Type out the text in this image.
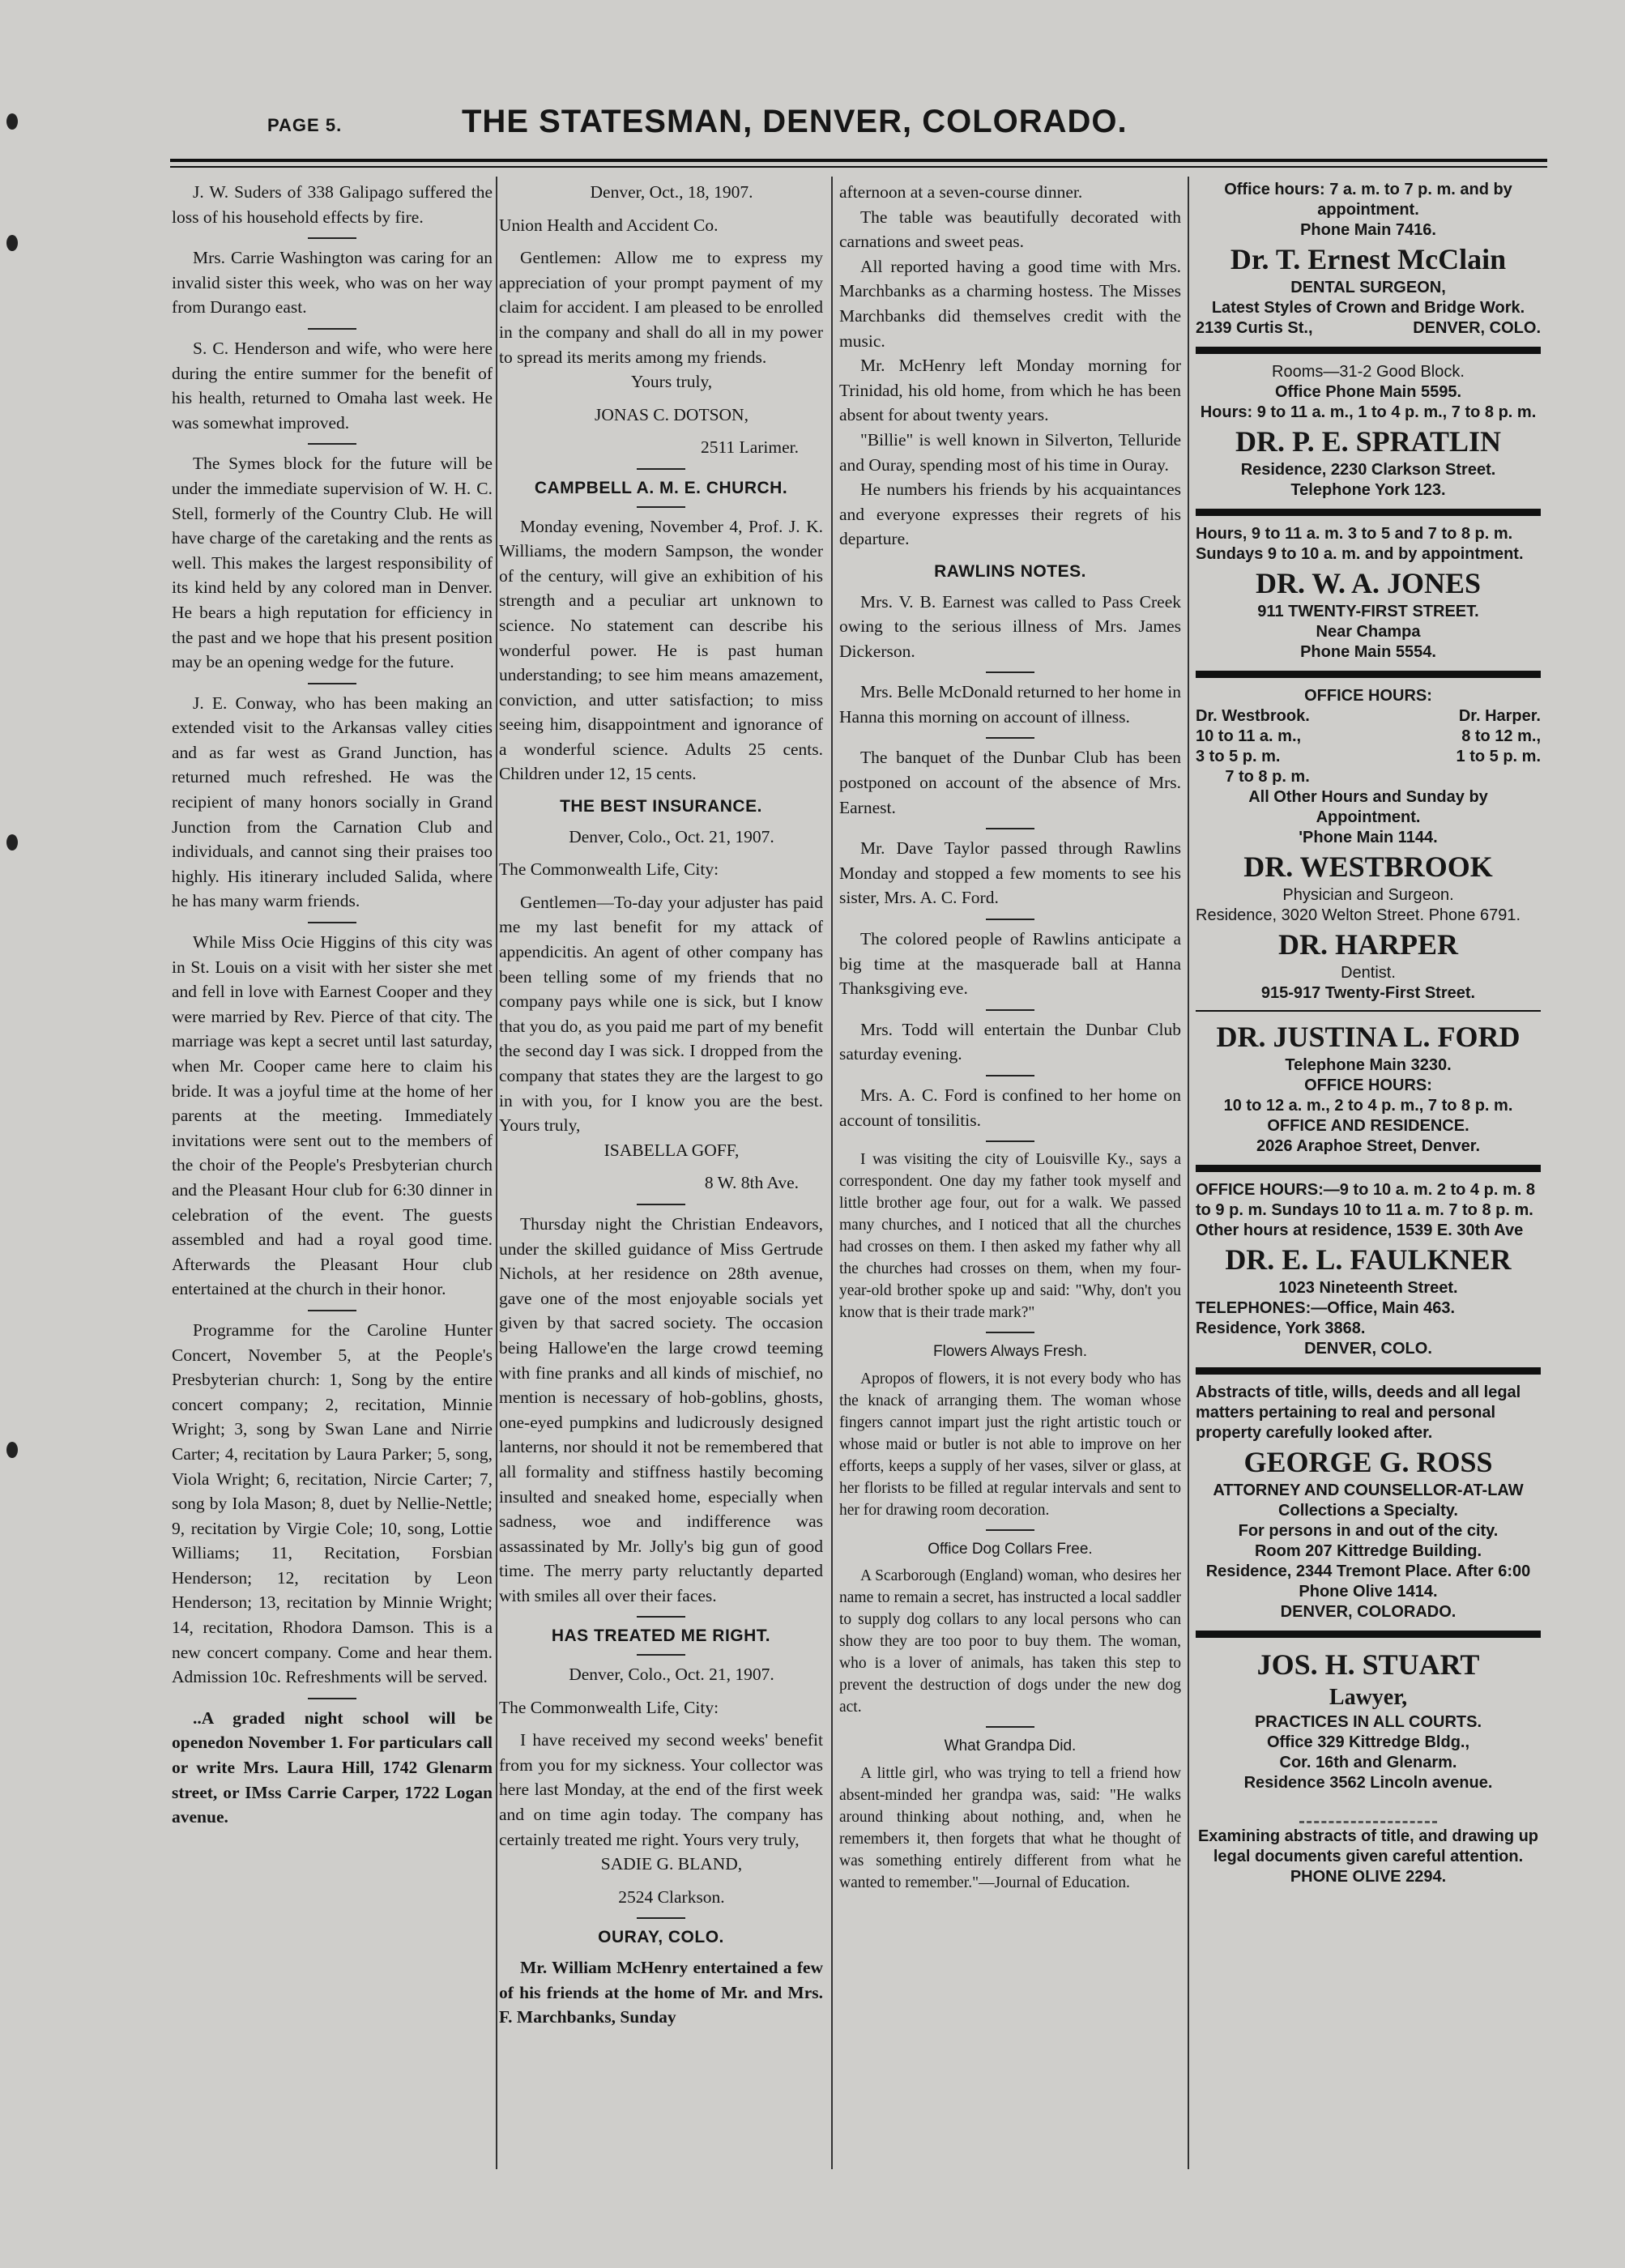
PAGE 5.	THE STATESMAN, DENVER, COLORADO.

J. W. Suders of 338 Galipago suffered the loss of his household effects by fire.

Mrs. Carrie Washington was caring for an invalid sister this week, who was on her way from Durango east.

S. C. Henderson and wife, who were here during the entire summer for the benefit of his health, returned to Omaha last week. He was somewhat improved.

The Symes block for the future will be under the immediate supervision of W. H. C. Stell, formerly of the Country Club. He will have charge of the caretaking and the rents as well. This makes the largest responsibility of its kind held by any colored man in Denver. He bears a high reputation for efficiency in the past and we hope that his present position may be an opening wedge for the future.

J. E. Conway, who has been making an extended visit to the Arkansas valley cities and as far west as Grand Junction, has returned much refreshed. He was the recipient of many honors socially in Grand Junction from the Carnation Club and individuals, and cannot sing their praises too highly. His itinerary included Salida, where he has many warm friends.

While Miss Ocie Higgins of this city was in St. Louis on a visit with her sister she met and fell in love with Earnest Cooper and they were married by Rev. Pierce of that city. The marriage was kept a secret until last saturday, when Mr. Cooper came here to claim his bride. It was a joyful time at the home of her parents at the meeting. Immediately invitations were sent out to the members of the choir of the People's Presbyterian church and the Pleasant Hour club for 6:30 dinner in celebration of the event. The guests assembled and had a royal good time. Afterwards the Pleasant Hour club entertained at the church in their honor.

Programme for the Caroline Hunter Concert, November 5, at the People's Presbyterian church: 1, Song by the entire concert company; 2, recitation, Minnie Wright; 3, song by Swan Lane and Nirrie Carter; 4, recitation by Laura Parker; 5, song, Viola Wright; 6, recitation, Nircie Carter; 7, song by Iola Mason; 8, duet by Nellie-Nettle; 9, recitation by Virgie Cole; 10, song, Lottie Williams; 11, Recitation, Forsbian Henderson; 12, recitation by Leon Henderson; 13, recitation by Minnie Wright; 14, recitation, Rhodora Damson. This is a new concert company. Come and hear them. Admission 10c. Refreshments will be served.

..A graded night school will be openedon November 1. For particulars call or write Mrs. Laura Hill, 1742 Glenarm street, or IMss Carrie Carper, 1722 Logan avenue.

Denver, Oct., 18, 1907.

Union Health and Accident Co.

Gentlemen: Allow me to express my appreciation of your prompt payment of my claim for accident. I am pleased to be enrolled in the company and shall do all in my power to spread its merits among my friends.

Yours truly,

JONAS C. DOTSON,

2511 Larimer.

CAMPBELL A. M. E. CHURCH.

Monday evening, November 4, Prof. J. K. Williams, the modern Sampson, the wonder of the century, will give an exhibition of his strength and a peculiar art unknown to science. No statement can describe his wonderful power. He is past human understanding; to see him means amazement, conviction, and utter satisfaction; to miss seeing him, disappointment and ignorance of a wonderful science. Adults 25 cents. Children under 12, 15 cents.

THE BEST INSURANCE.

Denver, Colo., Oct. 21, 1907.

The Commonwealth Life, City:

Gentlemen—To-day your adjuster has paid me my last benefit for my attack of appendicitis. An agent of other company has been telling some of my friends that no company pays while one is sick, but I know that you do, as you paid me part of my benefit the second day I was sick. I dropped from the company that states they are the largest to go in with you, for I know you are the best. Yours truly,

ISABELLA GOFF,

8 W. 8th Ave.

Thursday night the Christian Endeavors, under the skilled guidance of Miss Gertrude Nichols, at her residence on 28th avenue, gave one of the most enjoyable socials yet given by that sacred society. The occasion being Hallowe'en the large crowd teeming with fine pranks and all kinds of mischief, no mention is necessary of hob-goblins, ghosts, one-eyed pumpkins and ludicrously designed lanterns, nor should it not be remembered that all formality and stiffness hastily becoming insulted and sneaked home, especially when sadness, woe and indifference was assassinated by Mr. Jolly's big gun of good time. The merry party reluctantly departed with smiles all over their faces.

HAS TREATED ME RIGHT.

Denver, Colo., Oct. 21, 1907.

The Commonwealth Life, City:

I have received my second weeks' benefit from you for my sickness. Your collector was here last Monday, at the end of the first week and on time agin today. The company has certainly treated me right. Yours very truly,

SADIE G. BLAND,

2524 Clarkson.

OURAY, COLO.

Mr. William McHenry entertained a few of his friends at the home of Mr. and Mrs. F. Marchbanks, Sunday

afternoon at a seven-course dinner.

The table was beautifully decorated with carnations and sweet peas.

All reported having a good time with Mrs. Marchbanks as a charming hostess. The Misses Marchbanks did themselves credit with the music.

Mr. McHenry left Monday morning for Trinidad, his old home, from which he has been absent for about twenty years.

"Billie" is well known in Silverton, Telluride and Ouray, spending most of his time in Ouray.

He numbers his friends by his acquaintances and everyone expresses their regrets of his departure.

RAWLINS NOTES.

Mrs. V. B. Earnest was called to Pass Creek owing to the serious illness of Mrs. James Dickerson.

Mrs. Belle McDonald returned to her home in Hanna this morning on account of illness.

The banquet of the Dunbar Club has been postponed on account of the absence of Mrs. Earnest.

Mr. Dave Taylor passed through Rawlins Monday and stopped a few moments to see his sister, Mrs. A. C. Ford.

The colored people of Rawlins anticipate a big time at the masquerade ball at Hanna Thanksgiving eve.

Mrs. Todd will entertain the Dunbar Club saturday evening.

Mrs. A. C. Ford is confined to her home on account of tonsilitis.

I was visiting the city of Louisville Ky., says a correspondent. One day my father took myself and little brother age four, out for a walk. We passed many churches, and I noticed that all the churches had crosses on them. I then asked my father why all the churches had crosses on them, when my four-year-old brother spoke up and said: "Why, don't you know that is their trade mark?"

Flowers Always Fresh.

Apropos of flowers, it is not every body who has the knack of arranging them. The woman whose fingers cannot impart just the right artistic touch or whose maid or butler is not able to improve on her efforts, keeps a supply of her vases, silver or glass, at her florists to be filled at regular intervals and sent to her for drawing room decoration.

Office Dog Collars Free.

A Scarborough (England) woman, who desires her name to remain a secret, has instructed a local saddler to supply dog collars to any local persons who can show they are too poor to buy them. The woman, who is a lover of animals, has taken this step to prevent the destruction of dogs under the new dog act.

What Grandpa Did.

A little girl, who was trying to tell a friend how absent-minded her grandpa was, said: "He walks around thinking about nothing, and, when he remembers it, then forgets that what he thought of was something entirely different from what he wanted to remember."—Journal of Education.

Office hours: 7 a. m. to 7 p. m. and by appointment.
Phone Main 7416.
Dr. T. Ernest McClain
DENTAL SURGEON,
Latest Styles of Crown and Bridge Work.
2139 Curtis St.,	DENVER, COLO.
Rooms—31-2 Good Block.
Office Phone Main 5595.
Hours: 9 to 11 a. m., 1 to 4 p. m., 7 to 8 p. m.
DR. P. E. SPRATLIN
Residence, 2230 Clarkson Street.
Telephone York 123.
Hours, 9 to 11 a. m. 3 to 5 and 7 to 8 p. m. Sundays 9 to 10 a. m. and by appointment.
DR. W. A. JONES
911 TWENTY-FIRST STREET.
Near Champa
Phone Main 5554.
OFFICE HOURS:
Dr. Westbrook.
10 to 11 a. m.,
3 to 5 p. m.
7 to 8 p. m.
Dr. Harper.
8 to 12 m.,
1 to 5 p. m.
All Other Hours and Sunday by Appointment.
'Phone Main 1144.
DR. WESTBROOK
Physician and Surgeon.
Residence, 3020 Welton Street. Phone 6791.
DR. HARPER
Dentist.
915-917 Twenty-First Street.
DR. JUSTINA L. FORD
Telephone Main 3230.
OFFICE HOURS:
10 to 12 a. m., 2 to 4 p. m., 7 to 8 p. m.
OFFICE AND RESIDENCE.
2026 Araphoe Street, Denver.
OFFICE HOURS:—9 to 10 a. m. 2 to 4 p. m. 8 to 9 p. m. Sundays 10 to 11 a. m. 7 to 8 p. m. Other hours at residence, 1539 E. 30th Ave
DR. E. L. FAULKNER
1023 Nineteenth Street.
TELEPHONES:—Office, Main 463. Residence, York 3868.
DENVER, COLO.
Abstracts of title, wills, deeds and all legal matters pertaining to real and personal property carefully looked after.
GEORGE G. ROSS
ATTORNEY AND COUNSELLOR-AT-LAW
Collections a Specialty.
For persons in and out of the city.
Room 207 Kittredge Building.
Residence, 2344 Tremont Place. After 6:00 Phone Olive 1414.
DENVER, COLORADO.
JOS. H. STUART
Lawyer,
PRACTICES IN ALL COURTS.
Office 329 Kittredge Bldg.,
Cor. 16th and Glenarm.
Residence 3562 Lincoln avenue.
Examining abstracts of title, and drawing up legal documents given careful attention.
PHONE OLIVE 2294.
